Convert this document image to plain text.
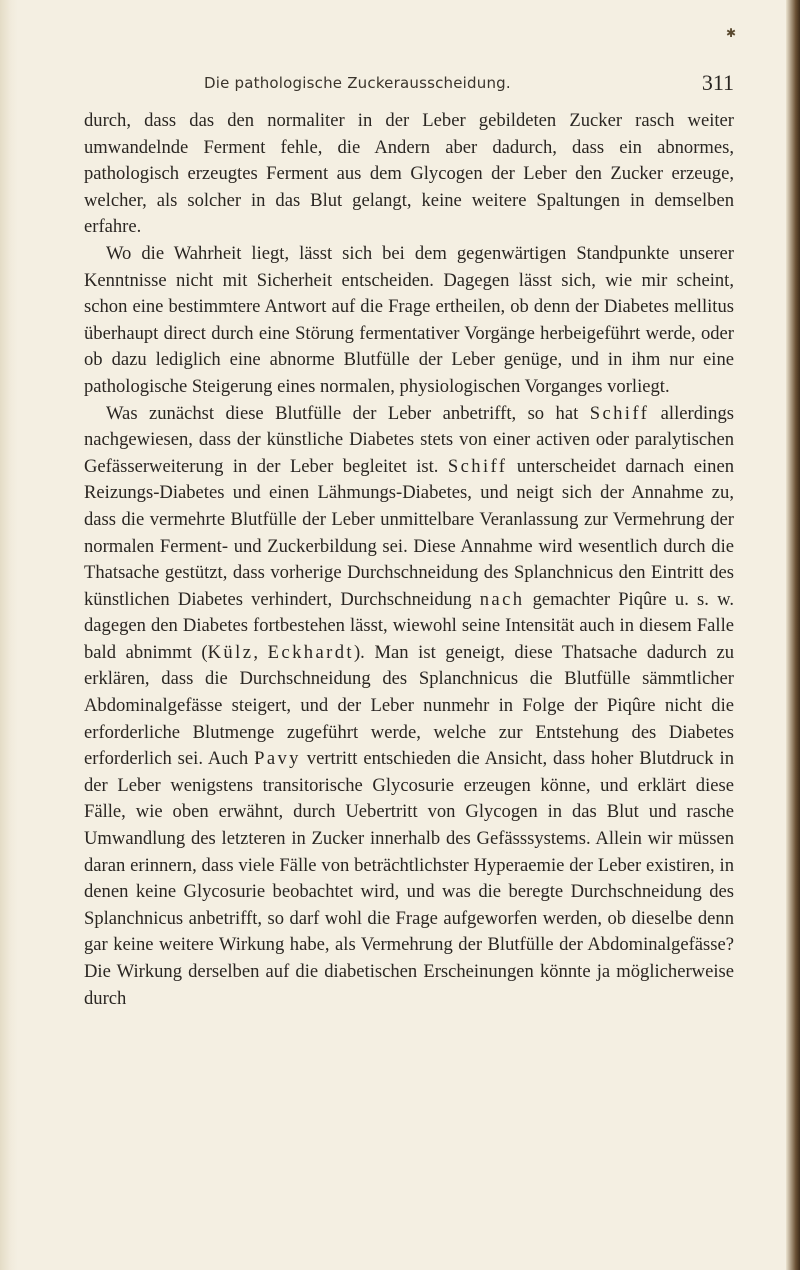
Die pathologische Zuckerausscheidung.	311
✱

durch, dass das den normaliter in der Leber gebildeten Zucker rasch weiter umwandelnde Ferment fehle, die Andern aber dadurch, dass ein abnormes, pathologisch erzeugtes Ferment aus dem Glycogen der Leber den Zucker erzeuge, welcher, als solcher in das Blut gelangt, keine weitere Spaltungen in demselben erfahre.

Wo die Wahrheit liegt, lässt sich bei dem gegenwärtigen Standpunkte unserer Kenntnisse nicht mit Sicherheit entscheiden. Dagegen lässt sich, wie mir scheint, schon eine bestimmtere Antwort auf die Frage ertheilen, ob denn der Diabetes mellitus überhaupt direct durch eine Störung fermentativer Vorgänge herbeigeführt werde, oder ob dazu lediglich eine abnorme Blutfülle der Leber genüge, und in ihm nur eine pathologische Steigerung eines normalen, physiologischen Vorganges vorliegt.

Was zunächst diese Blutfülle der Leber anbetrifft, so hat Schiff allerdings nachgewiesen, dass der künstliche Diabetes stets von einer activen oder paralytischen Gefässerweiterung in der Leber begleitet ist. Schiff unterscheidet darnach einen Reizungs-Diabetes und einen Lähmungs-Diabetes, und neigt sich der Annahme zu, dass die vermehrte Blutfülle der Leber unmittelbare Veranlassung zur Vermehrung der normalen Ferment- und Zuckerbildung sei. Diese Annahme wird wesentlich durch die Thatsache gestützt, dass vorherige Durchschneidung des Splanchnicus den Eintritt des künstlichen Diabetes verhindert, Durchschneidung nach gemachter Piqûre u. s. w. dagegen den Diabetes fortbestehen lässt, wiewohl seine Intensität auch in diesem Falle bald abnimmt (Külz, Eckhardt). Man ist geneigt, diese Thatsache dadurch zu erklären, dass die Durchschneidung des Splanchnicus die Blutfülle sämmtlicher Abdominalgefässe steigert, und der Leber nunmehr in Folge der Piqûre nicht die erforderliche Blutmenge zugeführt werde, welche zur Entstehung des Diabetes erforderlich sei. Auch Pavy vertritt entschieden die Ansicht, dass hoher Blutdruck in der Leber wenigstens transitorische Glycosurie erzeugen könne, und erklärt diese Fälle, wie oben erwähnt, durch Uebertritt von Glycogen in das Blut und rasche Umwandlung des letzteren in Zucker innerhalb des Gefässsystems. Allein wir müssen daran erinnern, dass viele Fälle von beträchtlichster Hyperaemie der Leber existiren, in denen keine Glycosurie beobachtet wird, und was die beregte Durchschneidung des Splanchnicus anbetrifft, so darf wohl die Frage aufgeworfen werden, ob dieselbe denn gar keine weitere Wirkung habe, als Vermehrung der Blutfülle der Abdominalgefässe? Die Wirkung derselben auf die diabetischen Erscheinungen könnte ja möglicherweise durch
